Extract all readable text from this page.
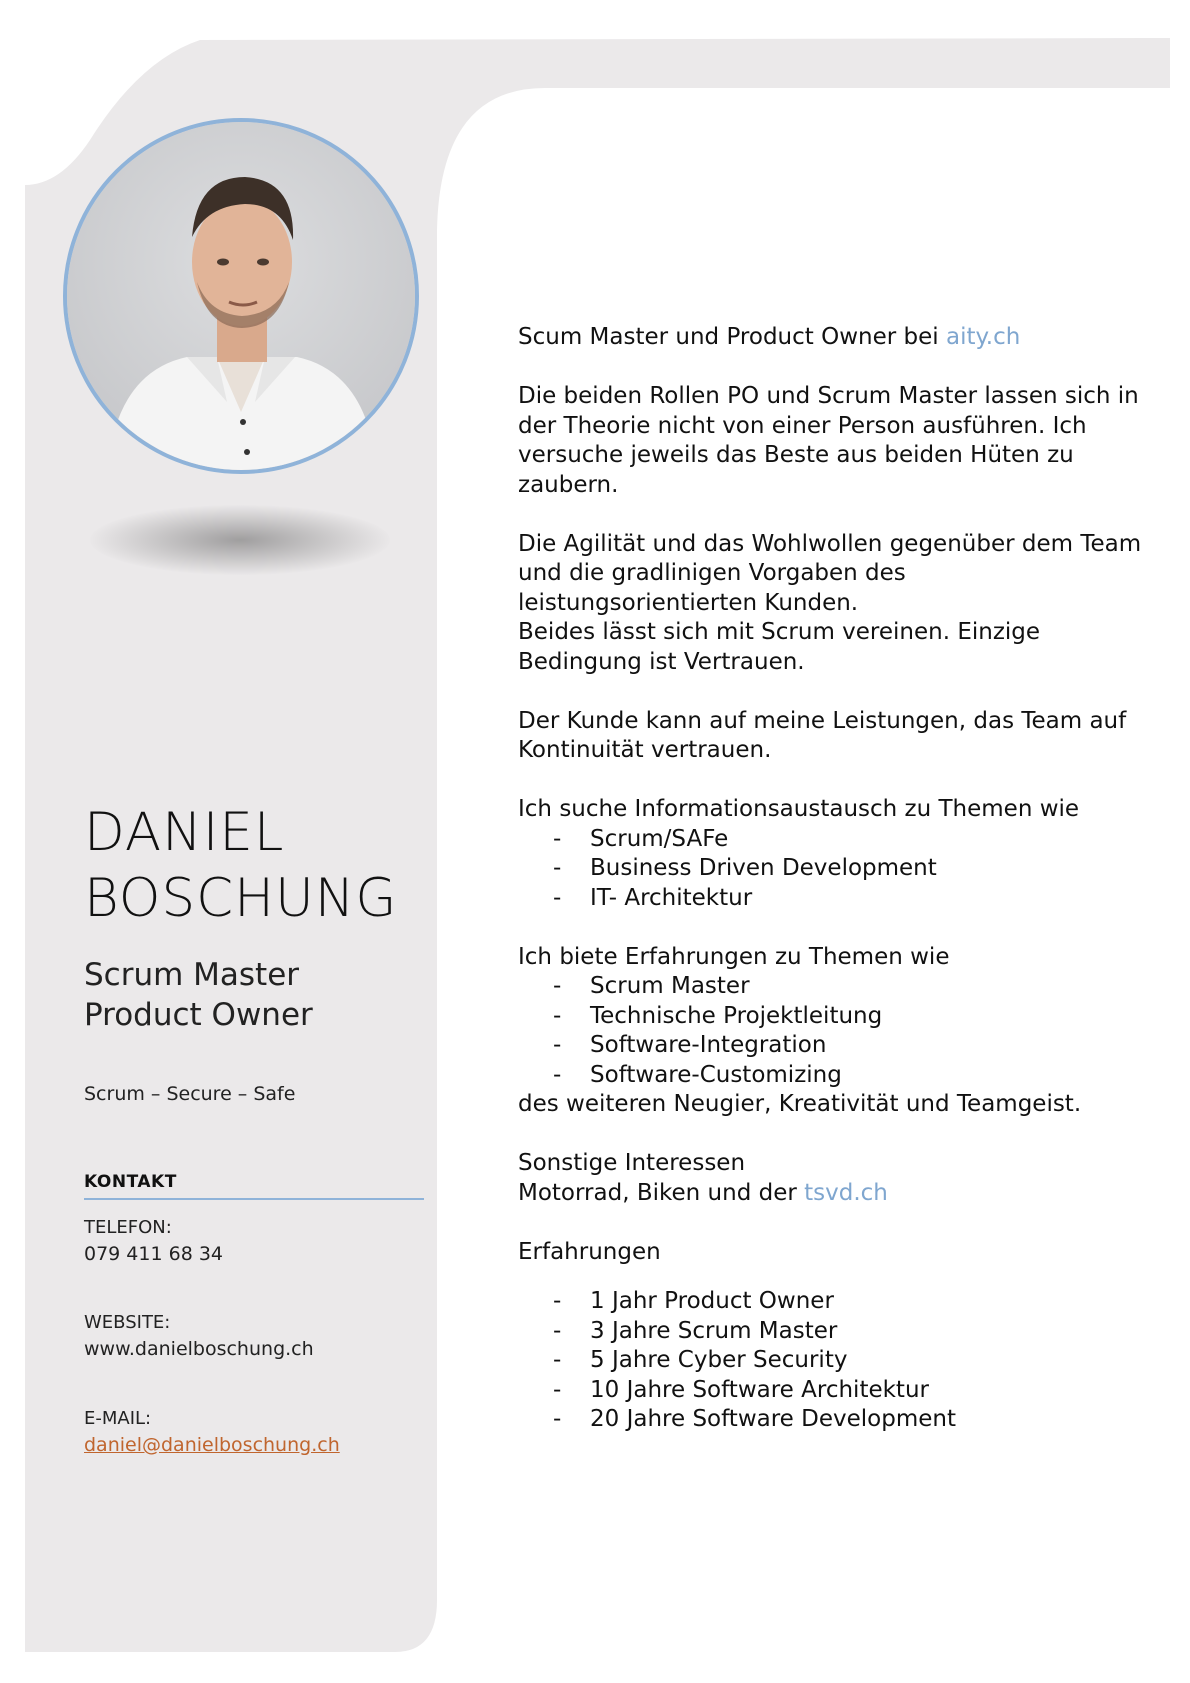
DANIEL
BOSCHUNG
Scrum Master
Product Owner
Scrum – Secure – Safe
KONTAKT
TELEFON:
079 411 68 34
WEBSITE:
www.danielboschung.ch
E-MAIL:
daniel@danielboschung.ch

Scum Master und Product Owner bei aity.ch

Die beiden Rollen PO und Scrum Master lassen sich in der Theorie nicht von einer Person ausführen. Ich versuche jeweils das Beste aus beiden Hüten zu zaubern.

Die Agilität und das Wohlwollen gegenüber dem Team und die gradlinigen Vorgaben des leistungsorientierten Kunden.
Beides lässt sich mit Scrum vereinen. Einzige Bedingung ist Vertrauen.

Der Kunde kann auf meine Leistungen, das Team auf Kontinuität vertrauen.

Ich suche Informationsaustausch zu Themen wie
- Scrum/SAFe
- Business Driven Development
- IT- Architektur
Ich biete Erfahrungen zu Themen wie
- Scrum Master
- Technische Projektleitung
- Software-Integration
- Software-Customizing

des weiteren Neugier, Kreativität und Teamgeist.

Sonstige Interessen

Motorrad, Biken und der tsvd.ch

Erfahrungen
- 1 Jahr Product Owner
- 3 Jahre Scrum Master
- 5 Jahre Cyber Security
- 10 Jahre Software Architektur
- 20 Jahre Software Development
